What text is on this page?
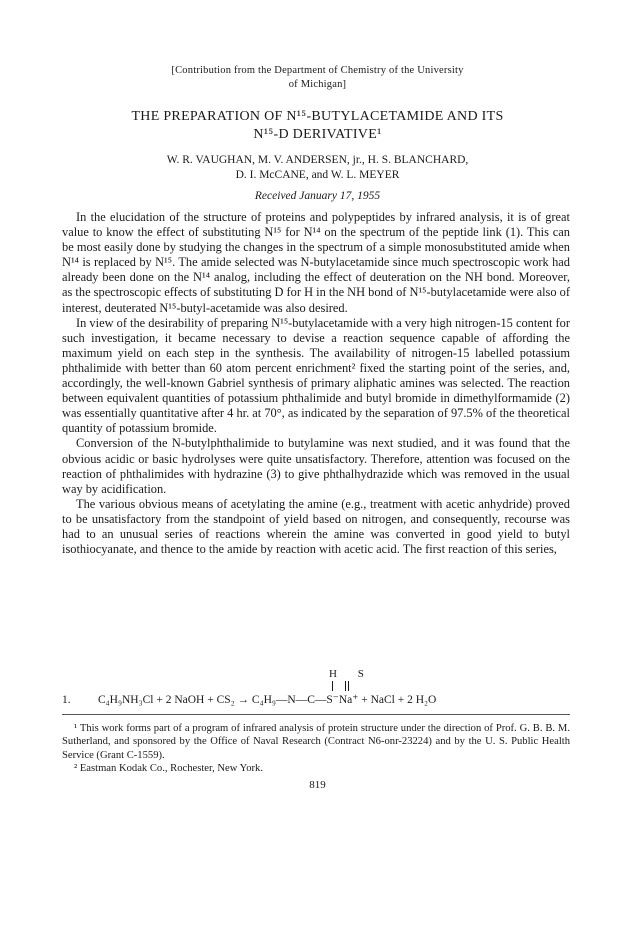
[Contribution from the Department of Chemistry of the University
of Michigan]
THE PREPARATION OF N¹⁵-BUTYLACETAMIDE AND ITS
N¹⁵-D DERIVATIVE¹
W. R. VAUGHAN, M. V. ANDERSEN, jr., H. S. BLANCHARD,
D. I. McCANE, and W. L. MEYER
Received January 17, 1955

In the elucidation of the structure of proteins and polypeptides by infrared analysis, it is of great value to know the effect of substituting N¹⁵ for N¹⁴ on the spectrum of the peptide link (1). This can be most easily done by studying the changes in the spectrum of a simple monosubstituted amide when N¹⁴ is replaced by N¹⁵. The amide selected was N-butylacetamide since much spectroscopic work had already been done on the N¹⁴ analog, including the effect of deuteration on the NH bond. Moreover, as the spectroscopic effects of substituting D for H in the NH bond of N¹⁵-butylacetamide were also of interest, deuterated N¹⁵-butyl-acetamide was also desired.

In view of the desirability of preparing N¹⁵-butylacetamide with a very high nitrogen-15 content for such investigation, it became necessary to devise a reaction sequence capable of affording the maximum yield on each step in the synthesis. The availability of nitrogen-15 labelled potassium phthalimide with better than 60 atom percent enrichment² fixed the starting point of the series, and, accordingly, the well-known Gabriel synthesis of primary aliphatic amines was selected. The reaction between equivalent quantities of potassium phthalimide and butyl bromide in dimethylformamide (2) was essentially quantitative after 4 hr. at 70°, as indicated by the separation of 97.5% of the theoretical quantity of potassium bromide.

Conversion of the N-butylphthalimide to butylamine was next studied, and it was found that the obvious acidic or basic hydrolyses were quite unsatisfactory. Therefore, attention was focused on the reaction of phthalimides with hydrazine (3) to give phthalhydrazide which was removed in the usual way by acidification.

The various obvious means of acetylating the amine (e.g., treatment with acetic anhydride) proved to be unsatisfactory from the standpoint of yield based on nitrogen, and consequently, recourse was had to an unusual series of reactions wherein the amine was converted in good yield to butyl isothiocyanate, and thence to the amide by reaction with acetic acid. The first reaction of this series,

H S
1. C₄H₉NH₃Cl + 2 NaOH + CS₂ → C₄H₉—N—C—S⁻Na⁺ + NaCl + 2 H₂O

¹ This work forms part of a program of infrared analysis of protein structure under the direction of Prof. G. B. B. M. Sutherland, and sponsored by the Office of Naval Research (Contract N6-onr-23224) and by the U. S. Public Health Service (Grant C-1559).

² Eastman Kodak Co., Rochester, New York.

819
